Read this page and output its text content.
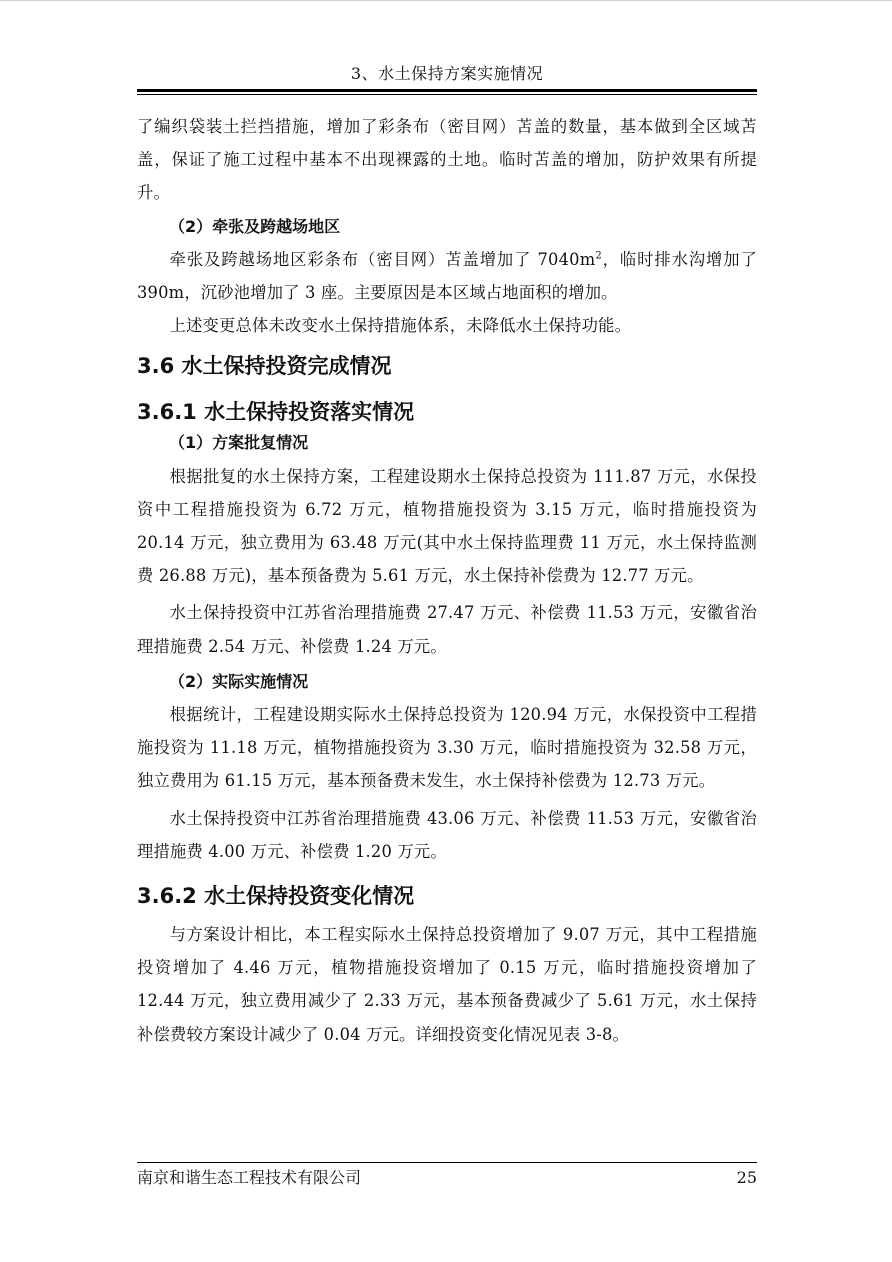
3、水土保持方案实施情况

了编织袋装土拦挡措施，增加了彩条布（密目网）苫盖的数量，基本做到全区域苫盖，保证了施工过程中基本不出现裸露的土地。临时苫盖的增加，防护效果有所提升。

（2）牵张及跨越场地区

牵张及跨越场地区彩条布（密目网）苫盖增加了 $7040m^2$，临时排水沟增加了 390m，沉砂池增加了 3 座。主要原因是本区域占地面积的增加。

上述变更总体未改变水土保持措施体系，未降低水土保持功能。

3.6 水土保持投资完成情况

3.6.1 水土保持投资落实情况

（1）方案批复情况

根据批复的水土保持方案，工程建设期水土保持总投资为 111.87 万元，水保投资中工程措施投资为 6.72 万元，植物措施投资为 3.15 万元，临时措施投资为 20.14 万元，独立费用为 63.48 万元(其中水土保持监理费 11 万元，水土保持监测费 26.88 万元)，基本预备费为 5.61 万元，水土保持补偿费为 12.77 万元。

水土保持投资中江苏省治理措施费 27.47 万元、补偿费 11.53 万元，安徽省治理措施费 2.54 万元、补偿费 1.24 万元。

（2）实际实施情况

根据统计，工程建设期实际水土保持总投资为 120.94 万元，水保投资中工程措施投资为 11.18 万元，植物措施投资为 3.30 万元，临时措施投资为 32.58 万元，独立费用为 61.15 万元，基本预备费未发生，水土保持补偿费为 12.73 万元。

水土保持投资中江苏省治理措施费 43.06 万元、补偿费 11.53 万元，安徽省治理措施费 4.00 万元、补偿费 1.20 万元。

3.6.2 水土保持投资变化情况

与方案设计相比，本工程实际水土保持总投资增加了 9.07 万元，其中工程措施投资增加了 4.46 万元，植物措施投资增加了 0.15 万元，临时措施投资增加了 12.44 万元，独立费用减少了 2.33 万元，基本预备费减少了 5.61 万元，水土保持补偿费较方案设计减少了 0.04 万元。详细投资变化情况见表 3-8。

南京和谐生态工程技术有限公司	25
